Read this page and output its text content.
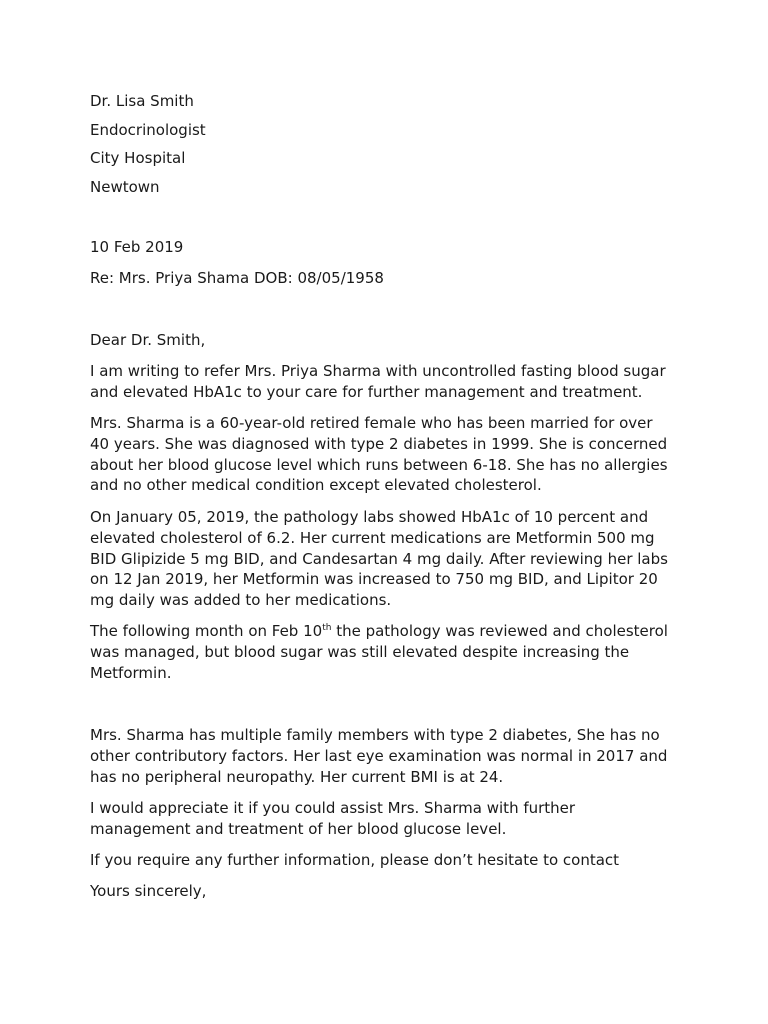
Dr. Lisa Smith
Endocrinologist
City Hospital
Newtown
10 Feb 2019
Re: Mrs. Priya Shama DOB: 08/05/1958
Dear Dr. Smith,
I am writing to refer Mrs. Priya Sharma with uncontrolled fasting blood sugar
and elevated HbA1c to your care for further management and treatment.
Mrs. Sharma is a 60-year-old retired female who has been married for over
40 years. She was diagnosed with type 2 diabetes in 1999. She is concerned
about her blood glucose level which runs between 6-18. She has no allergies
and no other medical condition except elevated cholesterol.
On January 05, 2019, the pathology labs showed HbA1c of 10 percent and
elevated cholesterol of 6.2. Her current medications are Metformin 500 mg
BID Glipizide 5 mg BID, and Candesartan 4 mg daily. After reviewing her labs
on 12 Jan 2019, her Metformin was increased to 750 mg BID, and Lipitor 20
mg daily was added to her medications.
The following month on Feb 10th the pathology was reviewed and cholesterol
was managed, but blood sugar was still elevated despite increasing the
Metformin.
Mrs. Sharma has multiple family members with type 2 diabetes, She has no
other contributory factors. Her last eye examination was normal in 2017 and
has no peripheral neuropathy. Her current BMI is at 24.
I would appreciate it if you could assist Mrs. Sharma with further
management and treatment of her blood glucose level.
If you require any further information, please don’t hesitate to contact
Yours sincerely,
